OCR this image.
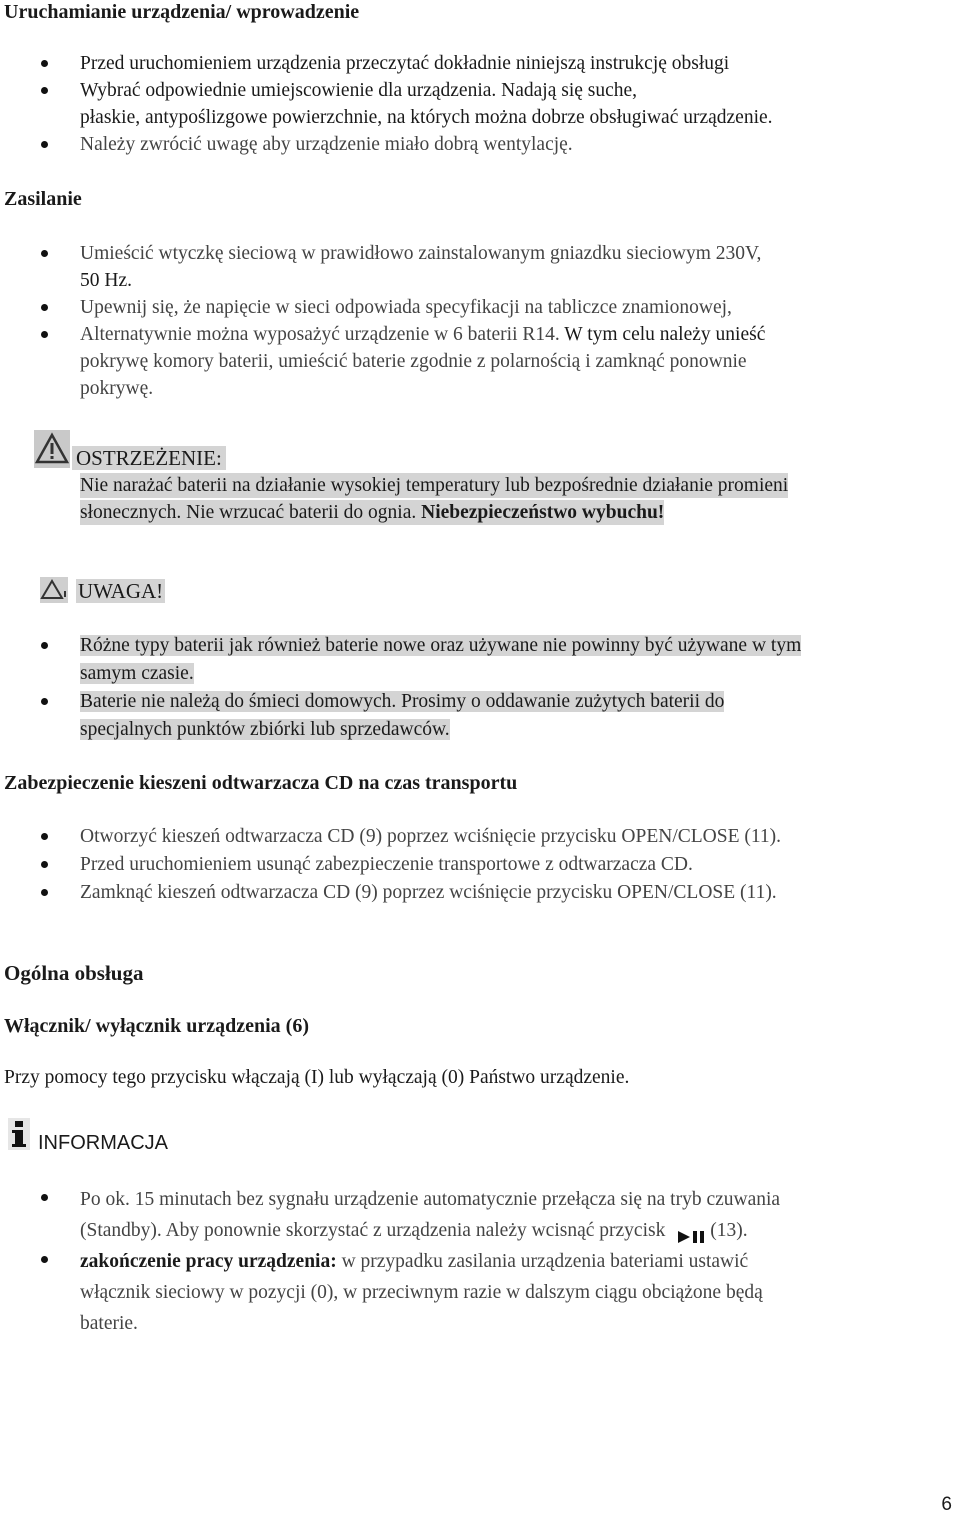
Uruchamianie urządzenia/ wprowadzenie
Przed uruchomieniem urządzenia przeczytać dokładnie niniejszą instrukcję obsługi
Wybrać odpowiednie umiejscowienie dla urządzenia. Nadają się suche,
płaskie, antypoślizgowe powierzchnie, na których można dobrze obsługiwać urządzenie.
Należy zwrócić uwagę aby urządzenie miało dobrą wentylację.
Zasilanie
Umieścić wtyczkę sieciową w prawidłowo zainstalowanym gniazdku sieciowym 230V,
50 Hz.
Upewnij się, że napięcie w sieci odpowiada specyfikacji na tabliczce znamionowej,
Alternatywnie można wyposażyć urządzenie w 6 baterii R14. W tym celu należy unieść
pokrywę komory baterii, umieścić baterie zgodnie z polarnością i zamknąć ponownie
pokrywę.
OSTRZEŻENIE:
Nie narażać baterii na działanie wysokiej temperatury lub bezpośrednie działanie promieni
słonecznych. Nie wrzucać baterii do ognia. Niebezpieczeństwo wybuchu!
UWAGA!
Różne typy baterii jak również baterie nowe oraz używane nie powinny być używane w tym
samym czasie.
Baterie nie należą do śmieci domowych. Prosimy o oddawanie zużytych baterii do
specjalnych punktów zbiórki lub sprzedawców.
Zabezpieczenie kieszeni odtwarzacza CD na czas transportu
Otworzyć kieszeń odtwarzacza CD (9) poprzez wciśnięcie przycisku OPEN/CLOSE (11).
Przed uruchomieniem usunąć zabezpieczenie transportowe z odtwarzacza CD.
Zamknąć kieszeń odtwarzacza CD (9) poprzez wciśnięcie przycisku OPEN/CLOSE (11).
Ogólna obsługa
Włącznik/ wyłącznik urządzenia (6)
Przy pomocy tego przycisku włączają (I) lub wyłączają (0) Państwo urządzenie.
INFORMACJA
Po ok. 15 minutach bez sygnału urządzenie automatycznie przełącza się na tryb czuwania
(Standby). Aby ponownie skorzystać z urządzenia należy wcisnąć przycisk (13).
zakończenie pracy urządzenia: w przypadku zasilania urządzenia bateriami ustawić
włącznik sieciowy w pozycji (0), w przeciwnym razie w dalszym ciągu obciążone będą
baterie.
6
